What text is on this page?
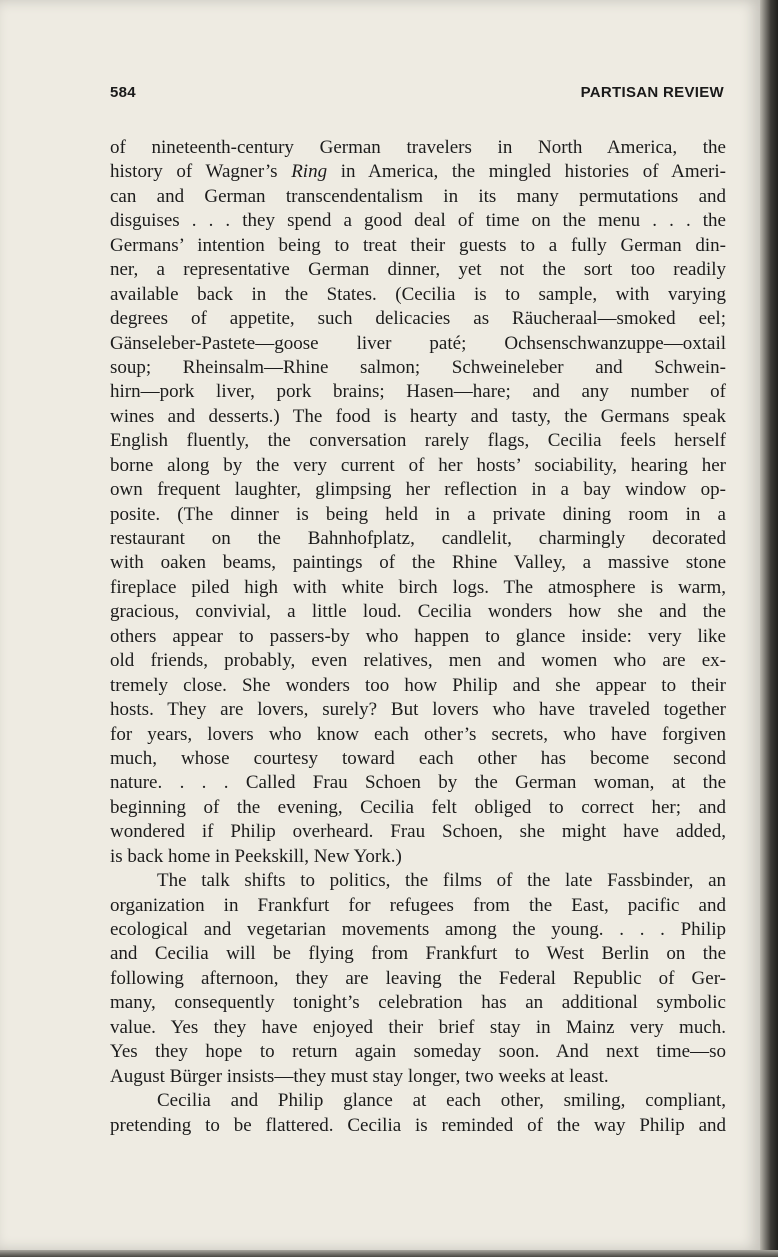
584	PARTISAN REVIEW
of nineteenth-century German travelers in North America, the
history of Wagner’s Ring in America, the mingled histories of Ameri-
can and German transcendentalism in its many permutations and
disguises . . . they spend a good deal of time on the menu . . . the
Germans’ intention being to treat their guests to a fully German din-
ner, a representative German dinner, yet not the sort too readily
available back in the States. (Cecilia is to sample, with varying
degrees of appetite, such delicacies as Räucheraal—smoked eel;
Gänseleber-Pastete—goose liver paté; Ochsenschwanzuppe—oxtail
soup; Rheinsalm—Rhine salmon; Schweineleber and Schwein-
hirn—pork liver, pork brains; Hasen—hare; and any number of
wines and desserts.) The food is hearty and tasty, the Germans speak
English fluently, the conversation rarely flags, Cecilia feels herself
borne along by the very current of her hosts’ sociability, hearing her
own frequent laughter, glimpsing her reflection in a bay window op-
posite. (The dinner is being held in a private dining room in a
restaurant on the Bahnhofplatz, candlelit, charmingly decorated
with oaken beams, paintings of the Rhine Valley, a massive stone
fireplace piled high with white birch logs. The atmosphere is warm,
gracious, convivial, a little loud. Cecilia wonders how she and the
others appear to passers-by who happen to glance inside: very like
old friends, probably, even relatives, men and women who are ex-
tremely close. She wonders too how Philip and she appear to their
hosts. They are lovers, surely? But lovers who have traveled together
for years, lovers who know each other’s secrets, who have forgiven
much, whose courtesy toward each other has become second
nature. . . . Called Frau Schoen by the German woman, at the
beginning of the evening, Cecilia felt obliged to correct her; and
wondered if Philip overheard. Frau Schoen, she might have added,
is back home in Peekskill, New York.)
The talk shifts to politics, the films of the late Fassbinder, an
organization in Frankfurt for refugees from the East, pacific and
ecological and vegetarian movements among the young. . . . Philip
and Cecilia will be flying from Frankfurt to West Berlin on the
following afternoon, they are leaving the Federal Republic of Ger-
many, consequently tonight’s celebration has an additional symbolic
value. Yes they have enjoyed their brief stay in Mainz very much.
Yes they hope to return again someday soon. And next time—so
August Bürger insists—they must stay longer, two weeks at least.
Cecilia and Philip glance at each other, smiling, compliant,
pretending to be flattered. Cecilia is reminded of the way Philip and
